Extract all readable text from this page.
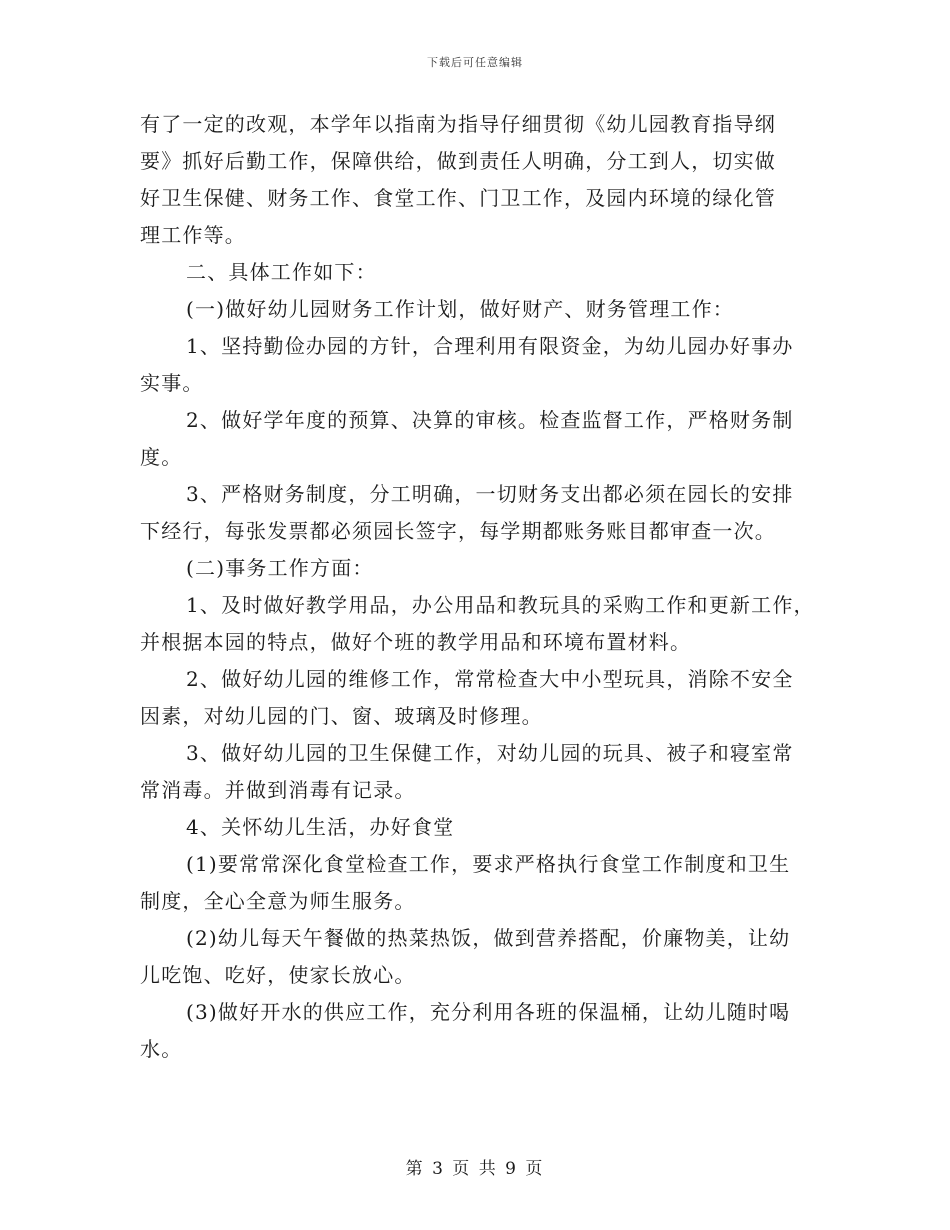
下载后可任意编辑
有了一定的改观，本学年以指南为指导仔细贯彻《幼儿园教育指导纲
要》抓好后勤工作，保障供给，做到责任人明确，分工到人，切实做
好卫生保健、财务工作、食堂工作、门卫工作，及园内环境的绿化管
理工作等。
二、具体工作如下：
(一)做好幼儿园财务工作计划，做好财产、财务管理工作：
1、坚持勤俭办园的方针，合理利用有限资金，为幼儿园办好事办
实事。
2、做好学年度的预算、决算的审核。检查监督工作，严格财务制
度。
3、严格财务制度，分工明确，一切财务支出都必须在园长的安排
下经行，每张发票都必须园长签字，每学期都账务账目都审查一次。
(二)事务工作方面：
1、及时做好教学用品，办公用品和教玩具的采购工作和更新工作，
并根据本园的特点，做好个班的教学用品和环境布置材料。
2、做好幼儿园的维修工作，常常检查大中小型玩具，消除不安全
因素，对幼儿园的门、窗、玻璃及时修理。
3、做好幼儿园的卫生保健工作，对幼儿园的玩具、被子和寝室常
常消毒。并做到消毒有记录。
4、关怀幼儿生活，办好食堂
(1)要常常深化食堂检查工作，要求严格执行食堂工作制度和卫生
制度，全心全意为师生服务。
(2)幼儿每天午餐做的热菜热饭，做到营养搭配，价廉物美，让幼
儿吃饱、吃好，使家长放心。
(3)做好开水的供应工作，充分利用各班的保温桶，让幼儿随时喝
水。
第 3 页 共 9 页
